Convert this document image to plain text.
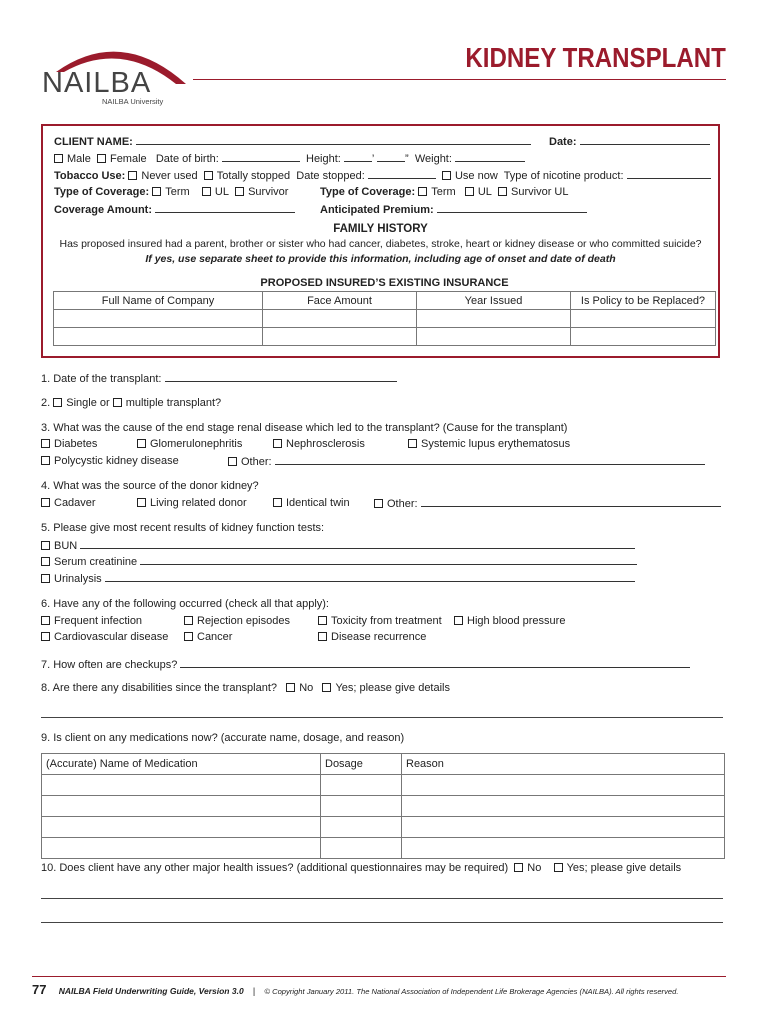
NAILBA
NAILBA University
KIDNEY TRANSPLANT
CLIENT NAME:	Date:
Male Female Date of birth:	Height:	’	” Weight:
Tobacco Use: Never used Totally stopped Date stopped:	Use now Type of nicotine product:
Type of Coverage: Term UL Survivor	Type of Coverage: Term UL Survivor UL
Coverage Amount:	Anticipated Premium:
FAMILY HISTORY
Has proposed insured had a parent, brother or sister who had cancer, diabetes, stroke, heart or kidney disease or who committed suicide?
If yes, use separate sheet to provide this information, including age of onset and date of death
PROPOSED INSURED’S EXISTING INSURANCE			
Full Name of Company	Face Amount	Year Issued	Is Policy to be Replaced?

1. Date of the transplant:
2. Single or multiple transplant?
3. What was the cause of the end stage renal disease which led to the transplant? (Cause for the transplant)
Diabetes	Glomerulonephritis	Nephrosclerosis	Systemic lupus erythematosus
Polycystic kidney disease	Other:
4. What was the source of the donor kidney?
Cadaver	Living related donor	Identical twin	Other:
5. Please give most recent results of kidney function tests:
BUN
Serum creatinine
Urinalysis
6. Have any of the following occurred (check all that apply):
Frequent infection	Rejection episodes	Toxicity from treatment	High blood pressure
Cardiovascular disease	Cancer	Disease recurrence
7. How often are checkups?
8. Are there any disabilities since the transplant? No Yes; please give details
9. Is client on any medications now? (accurate name, dosage, and reason)
(Accurate) Name of Medication	Dosage	Reason

10. Does client have any other major health issues? (additional questionnaires may be required) No Yes; please give details
77 NAILBA Field Underwriting Guide, Version 3.0 | © Copyright January 2011. The National Association of Independent Life Brokerage Agencies (NAILBA). All rights reserved.
